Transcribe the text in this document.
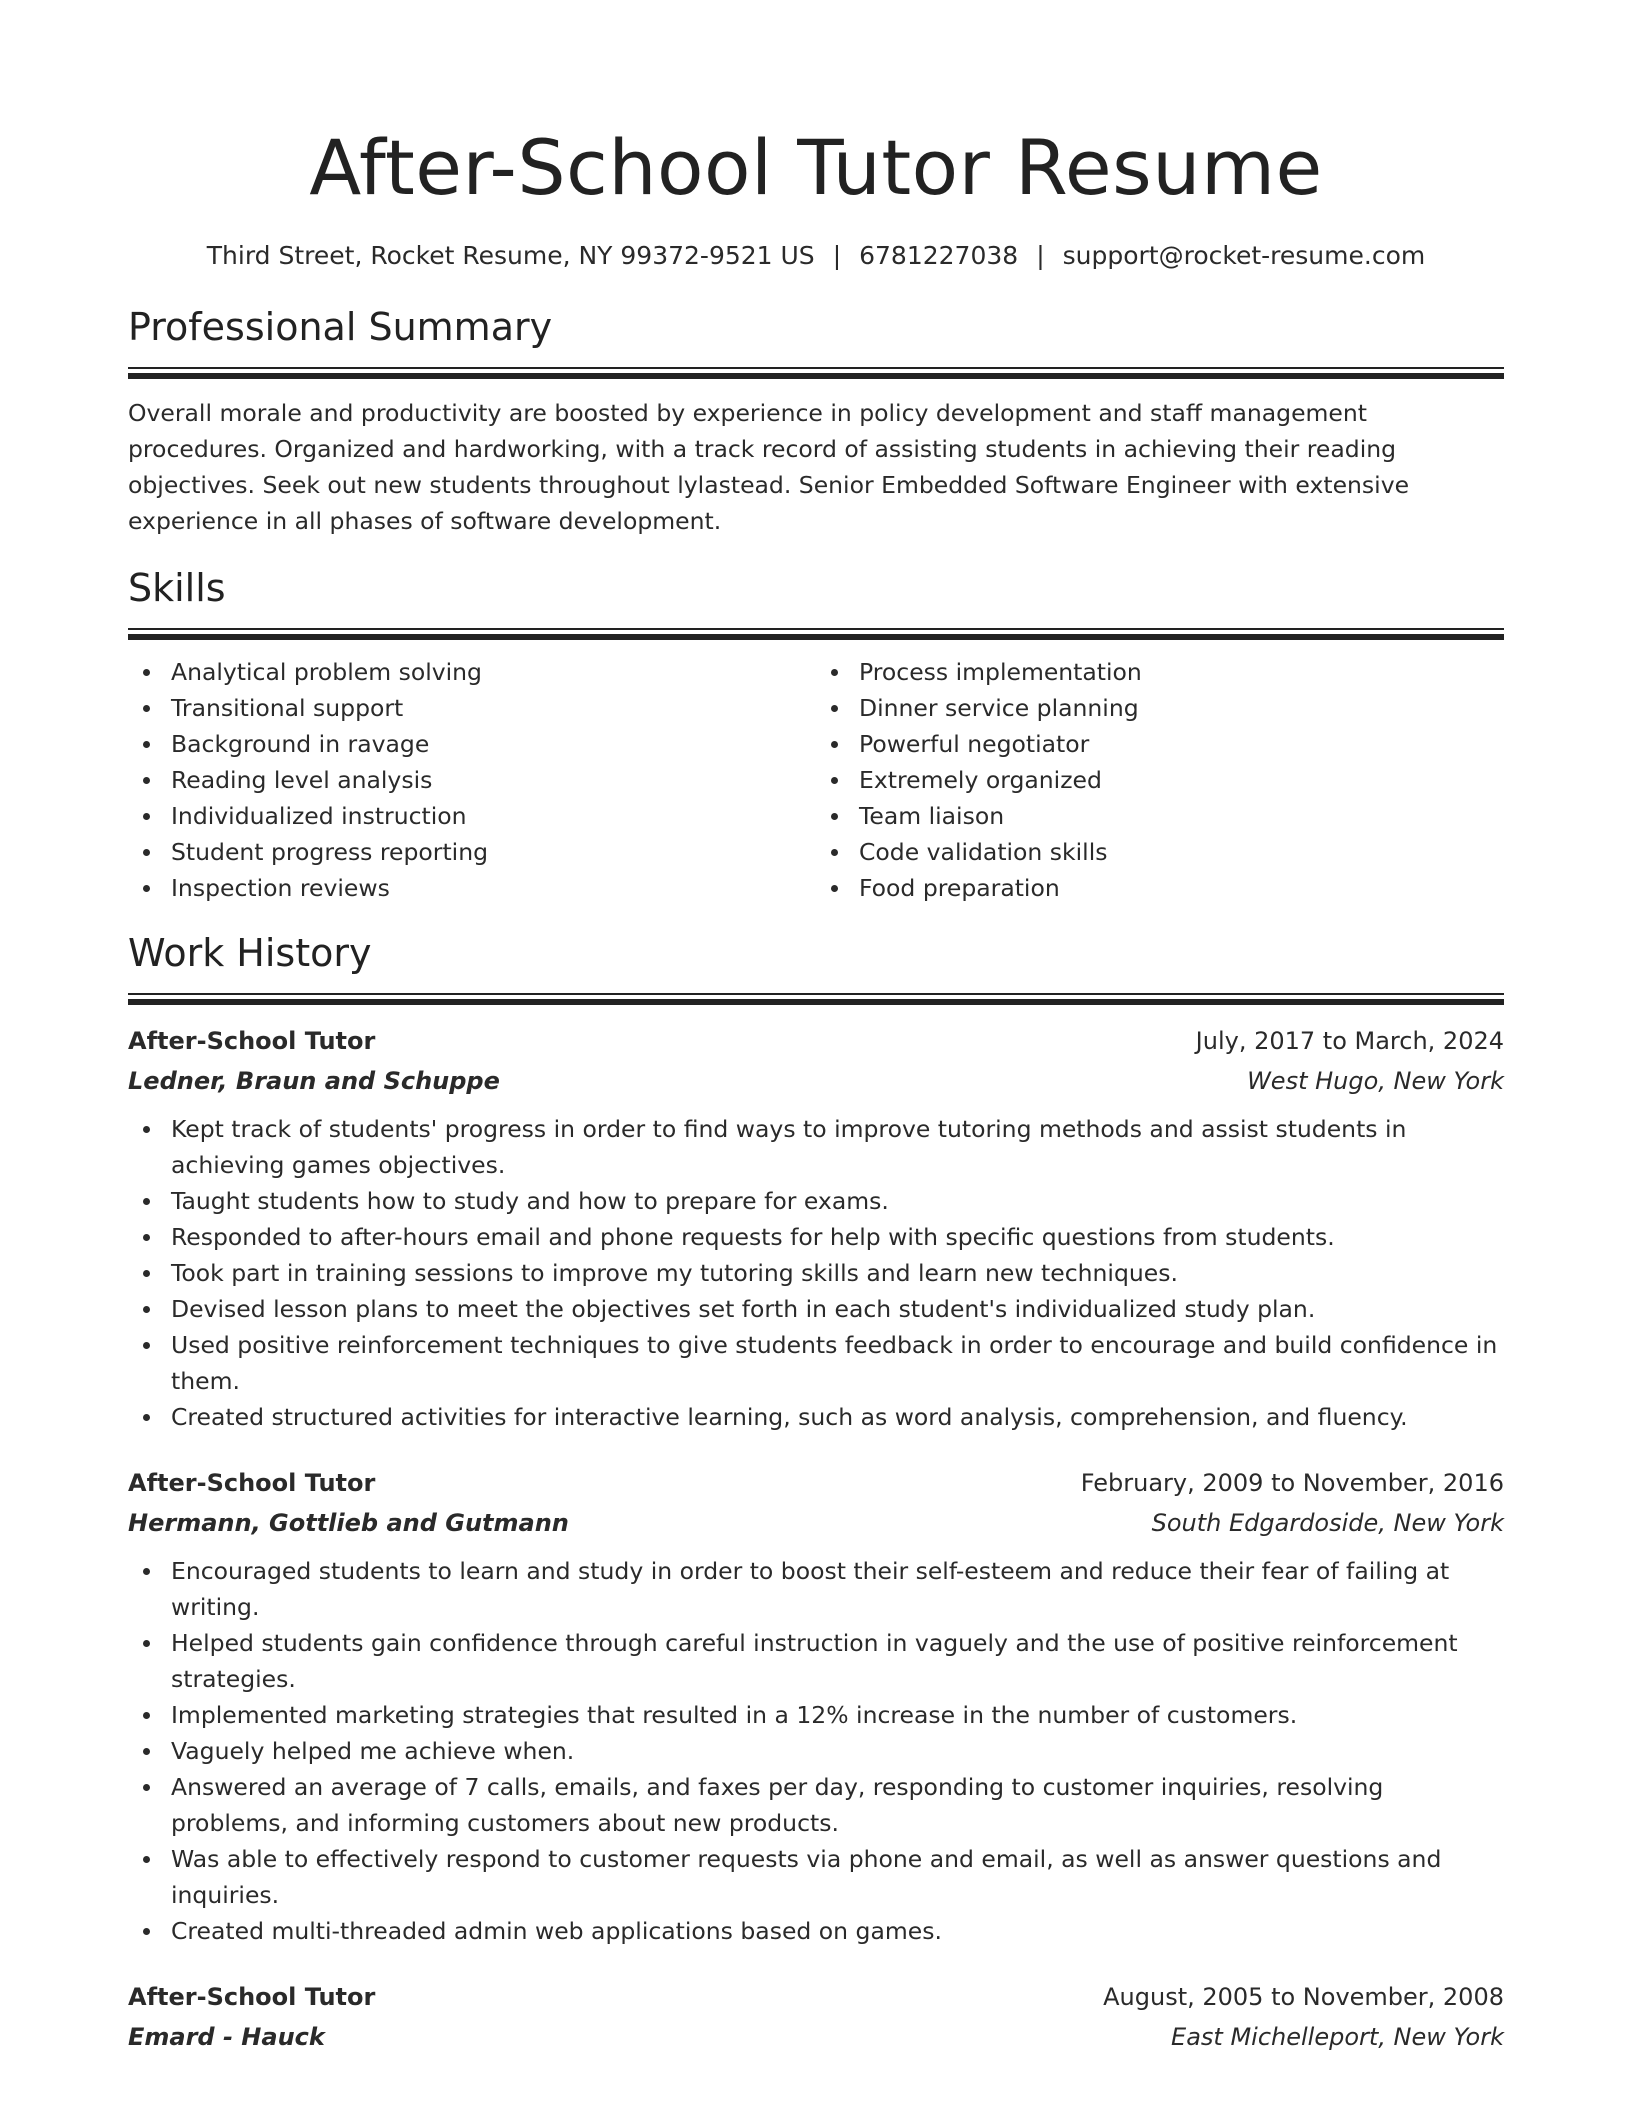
After-School Tutor Resume
Third Street, Rocket Resume, NY 99372-9521 US | 6781227038 | support@rocket-resume.com
Professional Summary

Overall morale and productivity are boosted by experience in policy development and staff management procedures. Organized and hardworking, with a track record of assisting students in achieving their reading objectives. Seek out new students throughout lylastead. Senior Embedded Software Engineer with extensive experience in all phases of software development.

Skills
Analytical problem solving
Transitional support
Background in ravage
Reading level analysis
Individualized instruction
Student progress reporting
Inspection reviews
Process implementation
Dinner service planning
Powerful negotiator
Extremely organized
Team liaison
Code validation skills
Food preparation
Work History
After-School Tutor	July, 2017 to March, 2024
Ledner, Braun and Schuppe	West Hugo, New York
Kept track of students' progress in order to find ways to improve tutoring methods and assist students in achieving games objectives.
Taught students how to study and how to prepare for exams.
Responded to after-hours email and phone requests for help with specific questions from students.
Took part in training sessions to improve my tutoring skills and learn new techniques.
Devised lesson plans to meet the objectives set forth in each student's individualized study plan.
Used positive reinforcement techniques to give students feedback in order to encourage and build confidence in them.
Created structured activities for interactive learning, such as word analysis, comprehension, and fluency.
After-School Tutor	February, 2009 to November, 2016
Hermann, Gottlieb and Gutmann	South Edgardoside, New York
Encouraged students to learn and study in order to boost their self-esteem and reduce their fear of failing at writing.
Helped students gain confidence through careful instruction in vaguely and the use of positive reinforcement strategies.
Implemented marketing strategies that resulted in a 12% increase in the number of customers.
Vaguely helped me achieve when.
Answered an average of 7 calls, emails, and faxes per day, responding to customer inquiries, resolving problems, and informing customers about new products.
Was able to effectively respond to customer requests via phone and email, as well as answer questions and inquiries.
Created multi-threaded admin web applications based on games.
After-School Tutor	August, 2005 to November, 2008
Emard - Hauck	East Michelleport, New York
